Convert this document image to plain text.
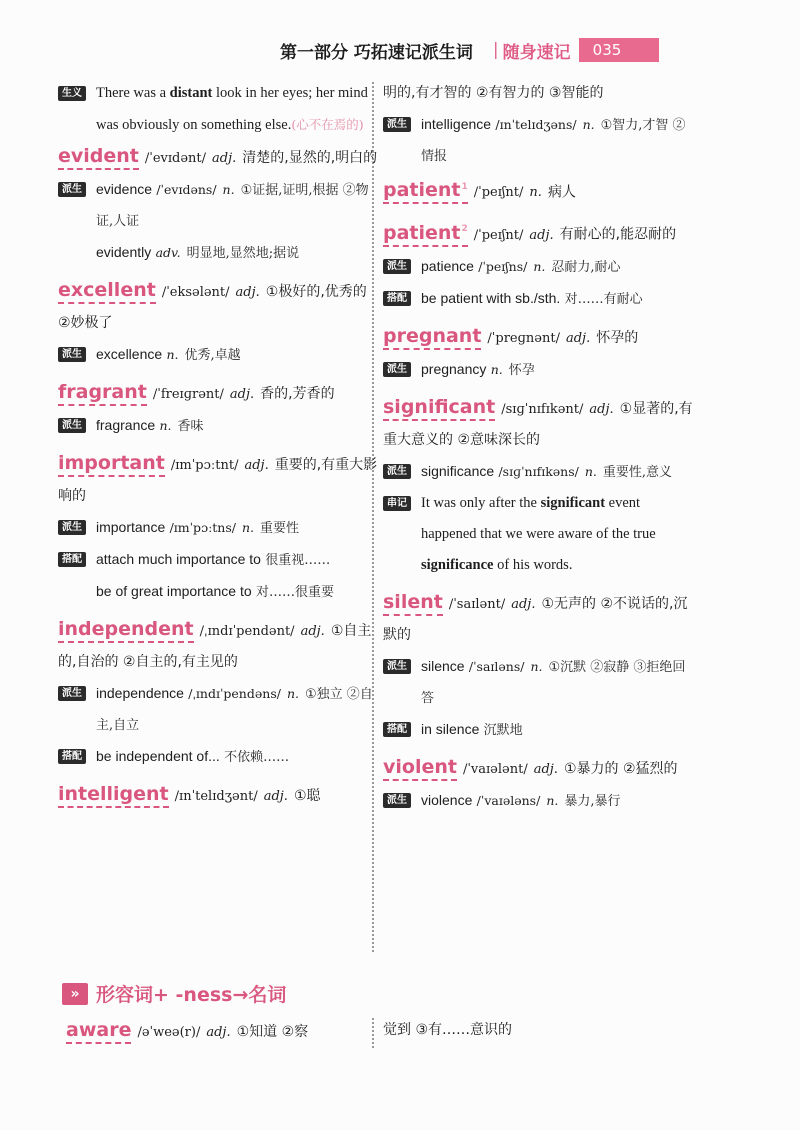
第一部分 巧拓速记派生词 | 随身速记	035
生义 There was a distant look in her eyes; her mind was obviously on something else.(心不在焉的)
evident /ˈevɪdənt/ adj. 清楚的,显然的,明白的
派生 evidence /ˈevɪdəns/ n. ①证据,证明,根据 ②物证,人证
evidently adv. 明显地,显然地;据说
excellent /ˈeksələnt/ adj. ①极好的,优秀的 ②妙极了
派生 excellence n. 优秀,卓越
fragrant /ˈfreɪɡrənt/ adj. 香的,芳香的
派生 fragrance n. 香味
important /ɪmˈpɔːtnt/ adj. 重要的,有重大影响的
派生 importance /ɪmˈpɔːtns/ n. 重要性
搭配 attach much importance to 很重视……
be of great importance to 对……很重要
independent /ˌɪndɪˈpendənt/ adj. ①自主的,自治的 ②自主的,有主见的
派生 independence /ˌɪndɪˈpendəns/ n. ①独立 ②自主,自立
搭配 be independent of... 不依赖……
intelligent /ɪnˈtelɪdʒənt/ adj. ①聪
明的,有才智的 ②有智力的 ③智能的
派生 intelligence /ɪnˈtelɪdʒəns/ n. ①智力,才智 ②情报
patient$^1$ /ˈpeɪʃnt/ n. 病人
patient$^2$ /ˈpeɪʃnt/ adj. 有耐心的,能忍耐的
派生 patience /ˈpeɪʃns/ n. 忍耐力,耐心
搭配 be patient with sb./sth. 对……有耐心
pregnant /ˈpreɡnənt/ adj. 怀孕的
派生 pregnancy n. 怀孕
significant /sɪɡˈnɪfɪkənt/ adj. ①显著的,有重大意义的 ②意味深长的
派生 significance /sɪɡˈnɪfɪkəns/ n. 重要性,意义
串记 It was only after the significant event happened that we were aware of the true significance of his words.
silent /ˈsaɪlənt/ adj. ①无声的 ②不说话的,沉默的
派生 silence /ˈsaɪləns/ n. ①沉默 ②寂静 ③拒绝回答
搭配 in silence 沉默地
violent /ˈvaɪələnt/ adj. ①暴力的 ②猛烈的
派生 violence /ˈvaɪələns/ n. 暴力,暴行
» 形容词+ -ness→名词
aware /əˈweə(r)/ adj. ①知道 ②察	觉到 ③有……意识的
